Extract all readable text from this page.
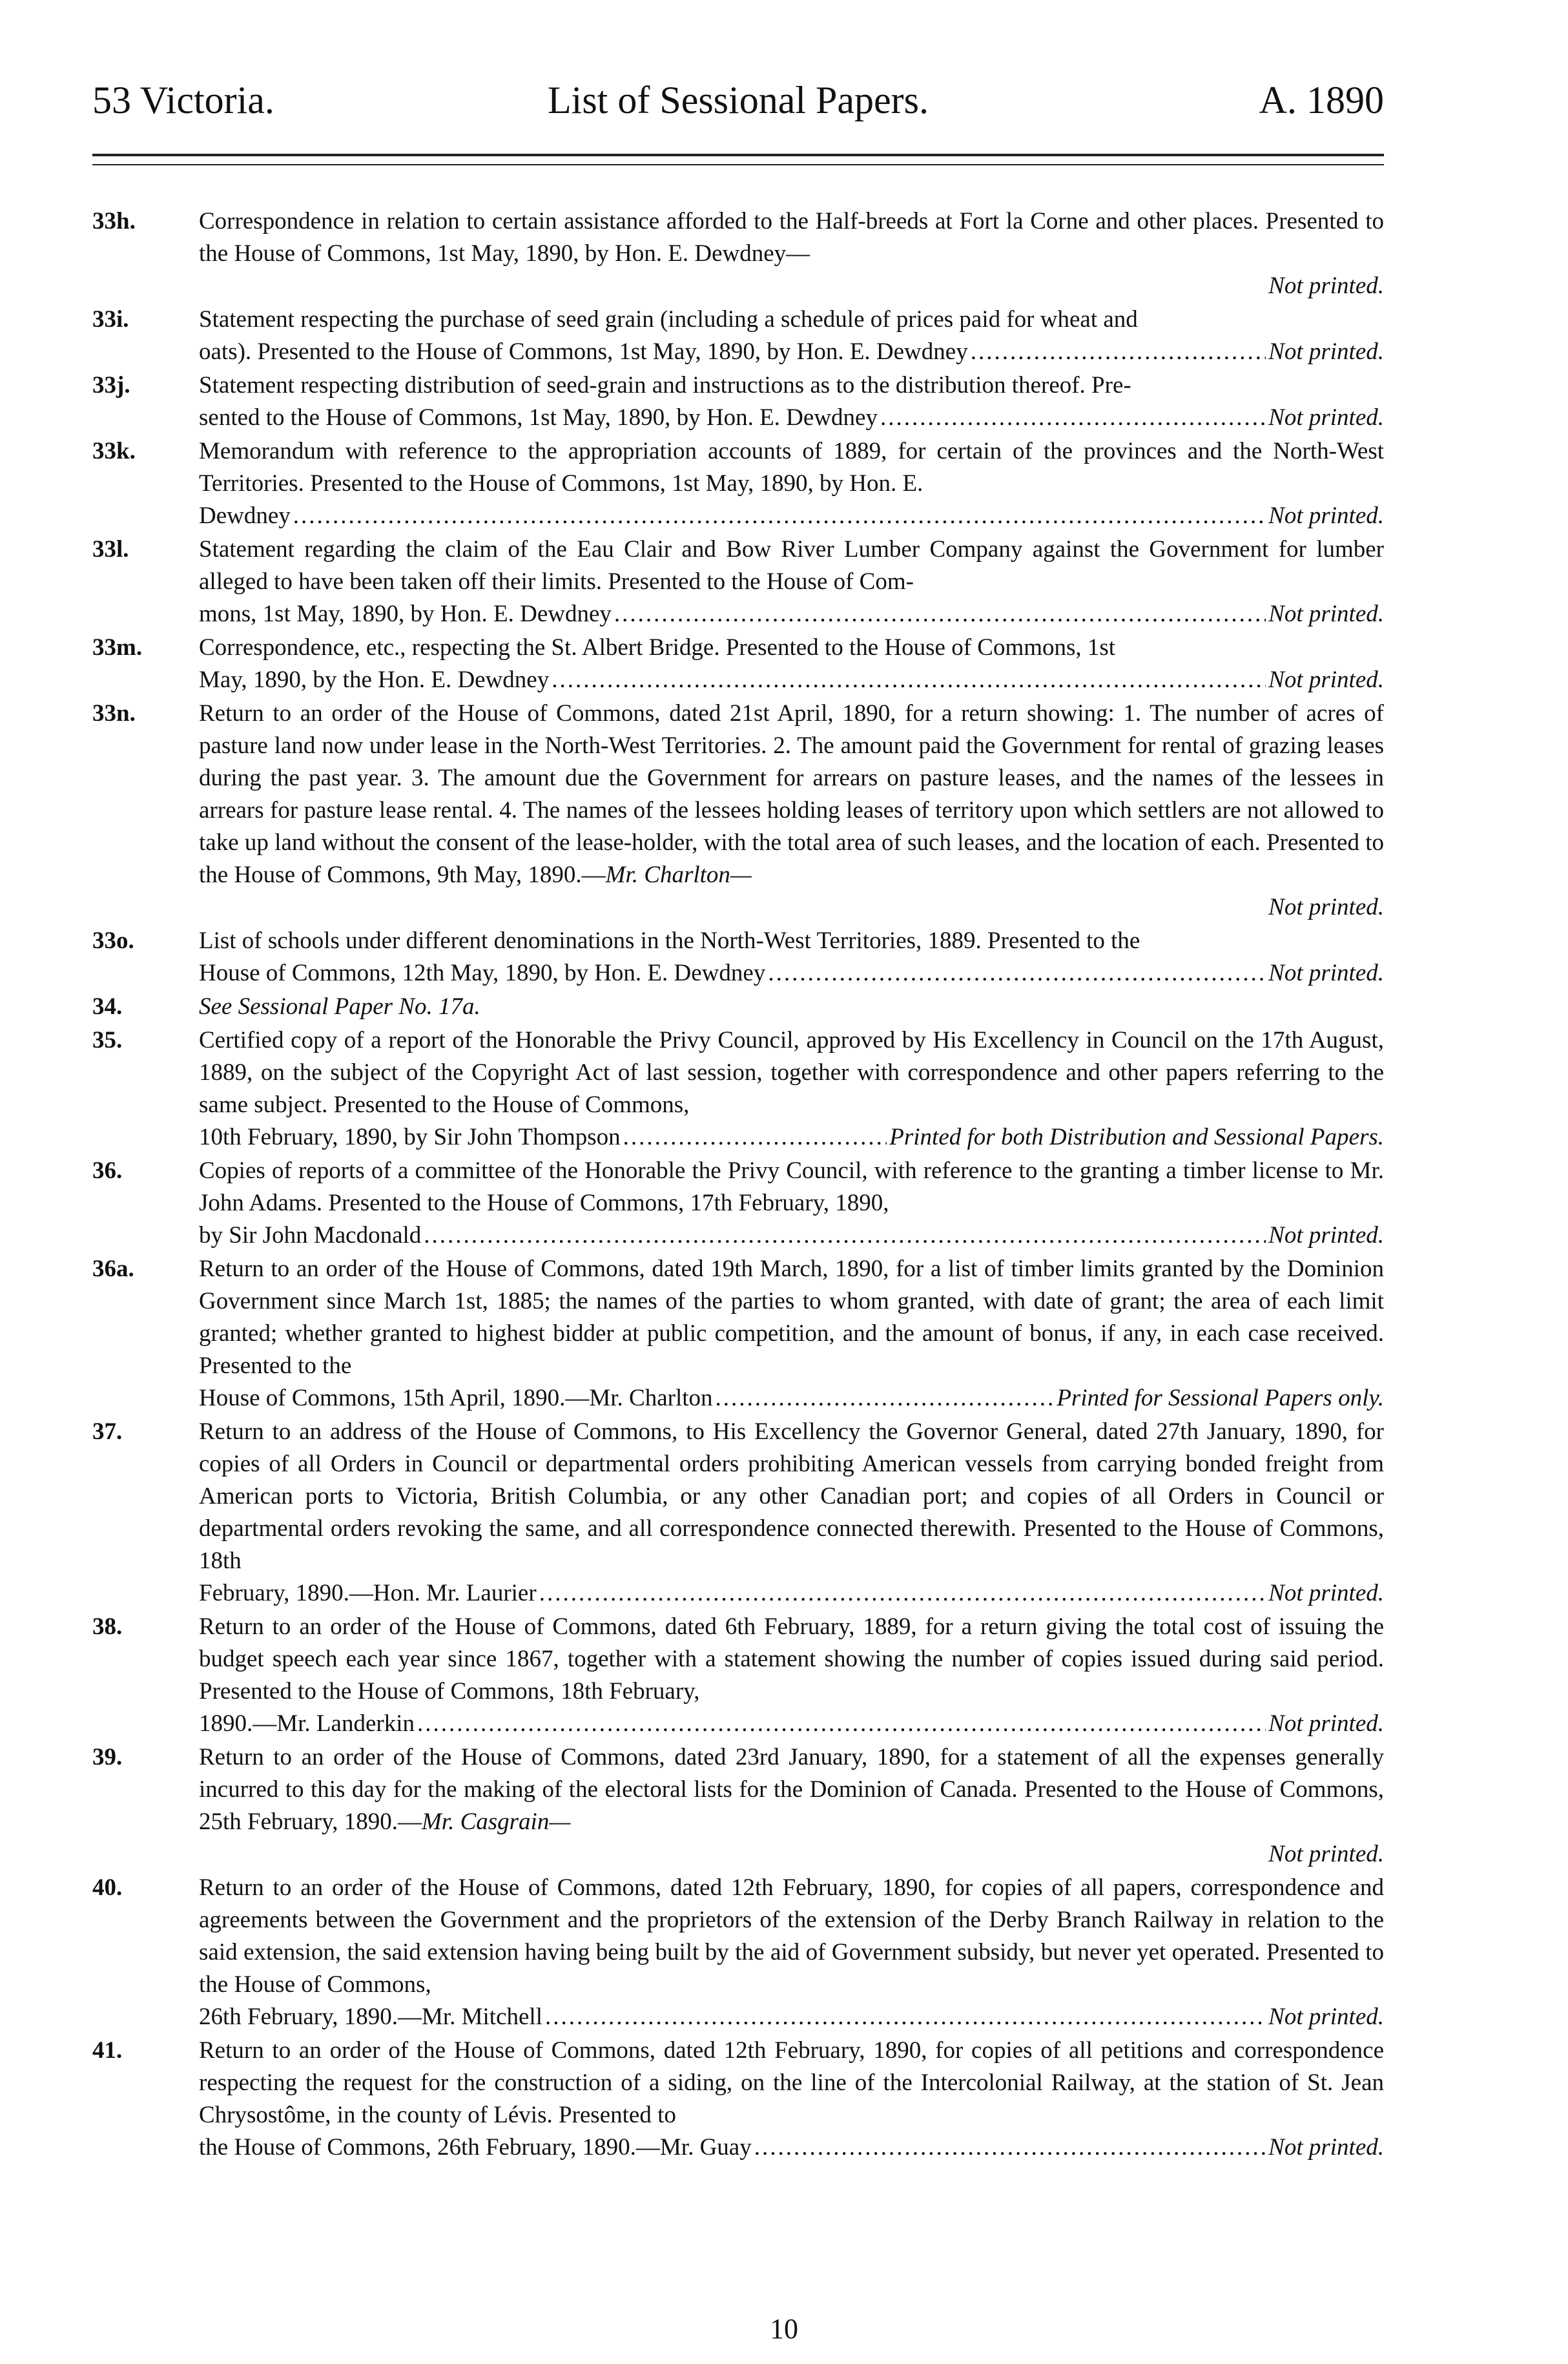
53 Victoria.	List of Sessional Papers.	A. 1890
33h.	Correspondence in relation to certain assistance afforded to the Half-breeds at Fort la Corne and other places. Presented to the House of Commons, 1st May, 1890, by Hon. E. Dewdney—
Not printed.
33i.	Statement respecting the purchase of seed grain (including a schedule of prices paid for wheat and
oats). Presented to the House of Commons, 1st May, 1890, by Hon. E. Dewdney .....	Not printed.
33j.	Statement respecting distribution of seed-grain and instructions as to the distribution thereof. Pre-
sented to the House of Commons, 1st May, 1890, by Hon. E. Dewdney .....	Not printed.
33k.	Memorandum with reference to the appropriation accounts of 1889, for certain of the provinces and the North-West Territories. Presented to the House of Commons, 1st May, 1890, by Hon. E.
Dewdney .....	Not printed.
33l.	Statement regarding the claim of the Eau Clair and Bow River Lumber Company against the Government for lumber alleged to have been taken off their limits. Presented to the House of Com-
mons, 1st May, 1890, by Hon. E. Dewdney .....	Not printed.
33m. Correspondence, etc., respecting the St. Albert Bridge. Presented to the House of Commons, 1st
May, 1890, by the Hon. E. Dewdney .....	Not printed.
33n.	Return to an order of the House of Commons, dated 21st April, 1890, for a return showing: 1. The number of acres of pasture land now under lease in the North-West Territories. 2. The amount paid the Government for rental of grazing leases during the past year. 3. The amount due the Government for arrears on pasture leases, and the names of the lessees in arrears for pasture lease rental. 4. The names of the lessees holding leases of territory upon which settlers are not allowed to take up land without the consent of the lease-holder, with the total area of such leases, and the location of each. Presented to the House of Commons, 9th May, 1890.—Mr. Charlton—
Not printed.
33o.	List of schools under different denominations in the North-West Territories, 1889. Presented to the
House of Commons, 12th May, 1890, by Hon. E. Dewdney .....	Not printed.
34.	See Sessional Paper No. 17a.
35.	Certified copy of a report of the Honorable the Privy Council, approved by His Excellency in Council on the 17th August, 1889, on the subject of the Copyright Act of last session, together with correspondence and other papers referring to the same subject. Presented to the House of Commons,
10th February, 1890, by Sir John Thompson .....	Printed for both Distribution and Sessional Papers.
36.	Copies of reports of a committee of the Honorable the Privy Council, with reference to the granting a timber license to Mr. John Adams. Presented to the House of Commons, 17th February, 1890,
by Sir John Macdonald .....	Not printed.
36a.	Return to an order of the House of Commons, dated 19th March, 1890, for a list of timber limits granted by the Dominion Government since March 1st, 1885; the names of the parties to whom granted, with date of grant; the area of each limit granted; whether granted to highest bidder at public competition, and the amount of bonus, if any, in each case received. Presented to the
House of Commons, 15th April, 1890.—Mr. Charlton .....	Printed for Sessional Papers only.
37.	Return to an address of the House of Commons, to His Excellency the Governor General, dated 27th January, 1890, for copies of all Orders in Council or departmental orders prohibiting American vessels from carrying bonded freight from American ports to Victoria, British Columbia, or any other Canadian port; and copies of all Orders in Council or departmental orders revoking the same, and all correspondence connected therewith. Presented to the House of Commons, 18th
February, 1890.—Hon. Mr. Laurier .....	Not printed.
38.	Return to an order of the House of Commons, dated 6th February, 1889, for a return giving the total cost of issuing the budget speech each year since 1867, together with a statement showing the number of copies issued during said period. Presented to the House of Commons, 18th February,
1890.—Mr. Landerkin .....	Not printed.
39.	Return to an order of the House of Commons, dated 23rd January, 1890, for a statement of all the expenses generally incurred to this day for the making of the electoral lists for the Dominion of Canada. Presented to the House of Commons, 25th February, 1890.—Mr. Casgrain—
Not printed.
40.	Return to an order of the House of Commons, dated 12th February, 1890, for copies of all papers, correspondence and agreements between the Government and the proprietors of the extension of the Derby Branch Railway in relation to the said extension, the said extension having being built by the aid of Government subsidy, but never yet operated. Presented to the House of Commons,
26th February, 1890.—Mr. Mitchell .....	Not printed.
41.	Return to an order of the House of Commons, dated 12th February, 1890, for copies of all petitions and correspondence respecting the request for the construction of a siding, on the line of the Intercolonial Railway, at the station of St. Jean Chrysostôme, in the county of Lévis. Presented to
the House of Commons, 26th February, 1890.—Mr. Guay .....	Not printed.
10
